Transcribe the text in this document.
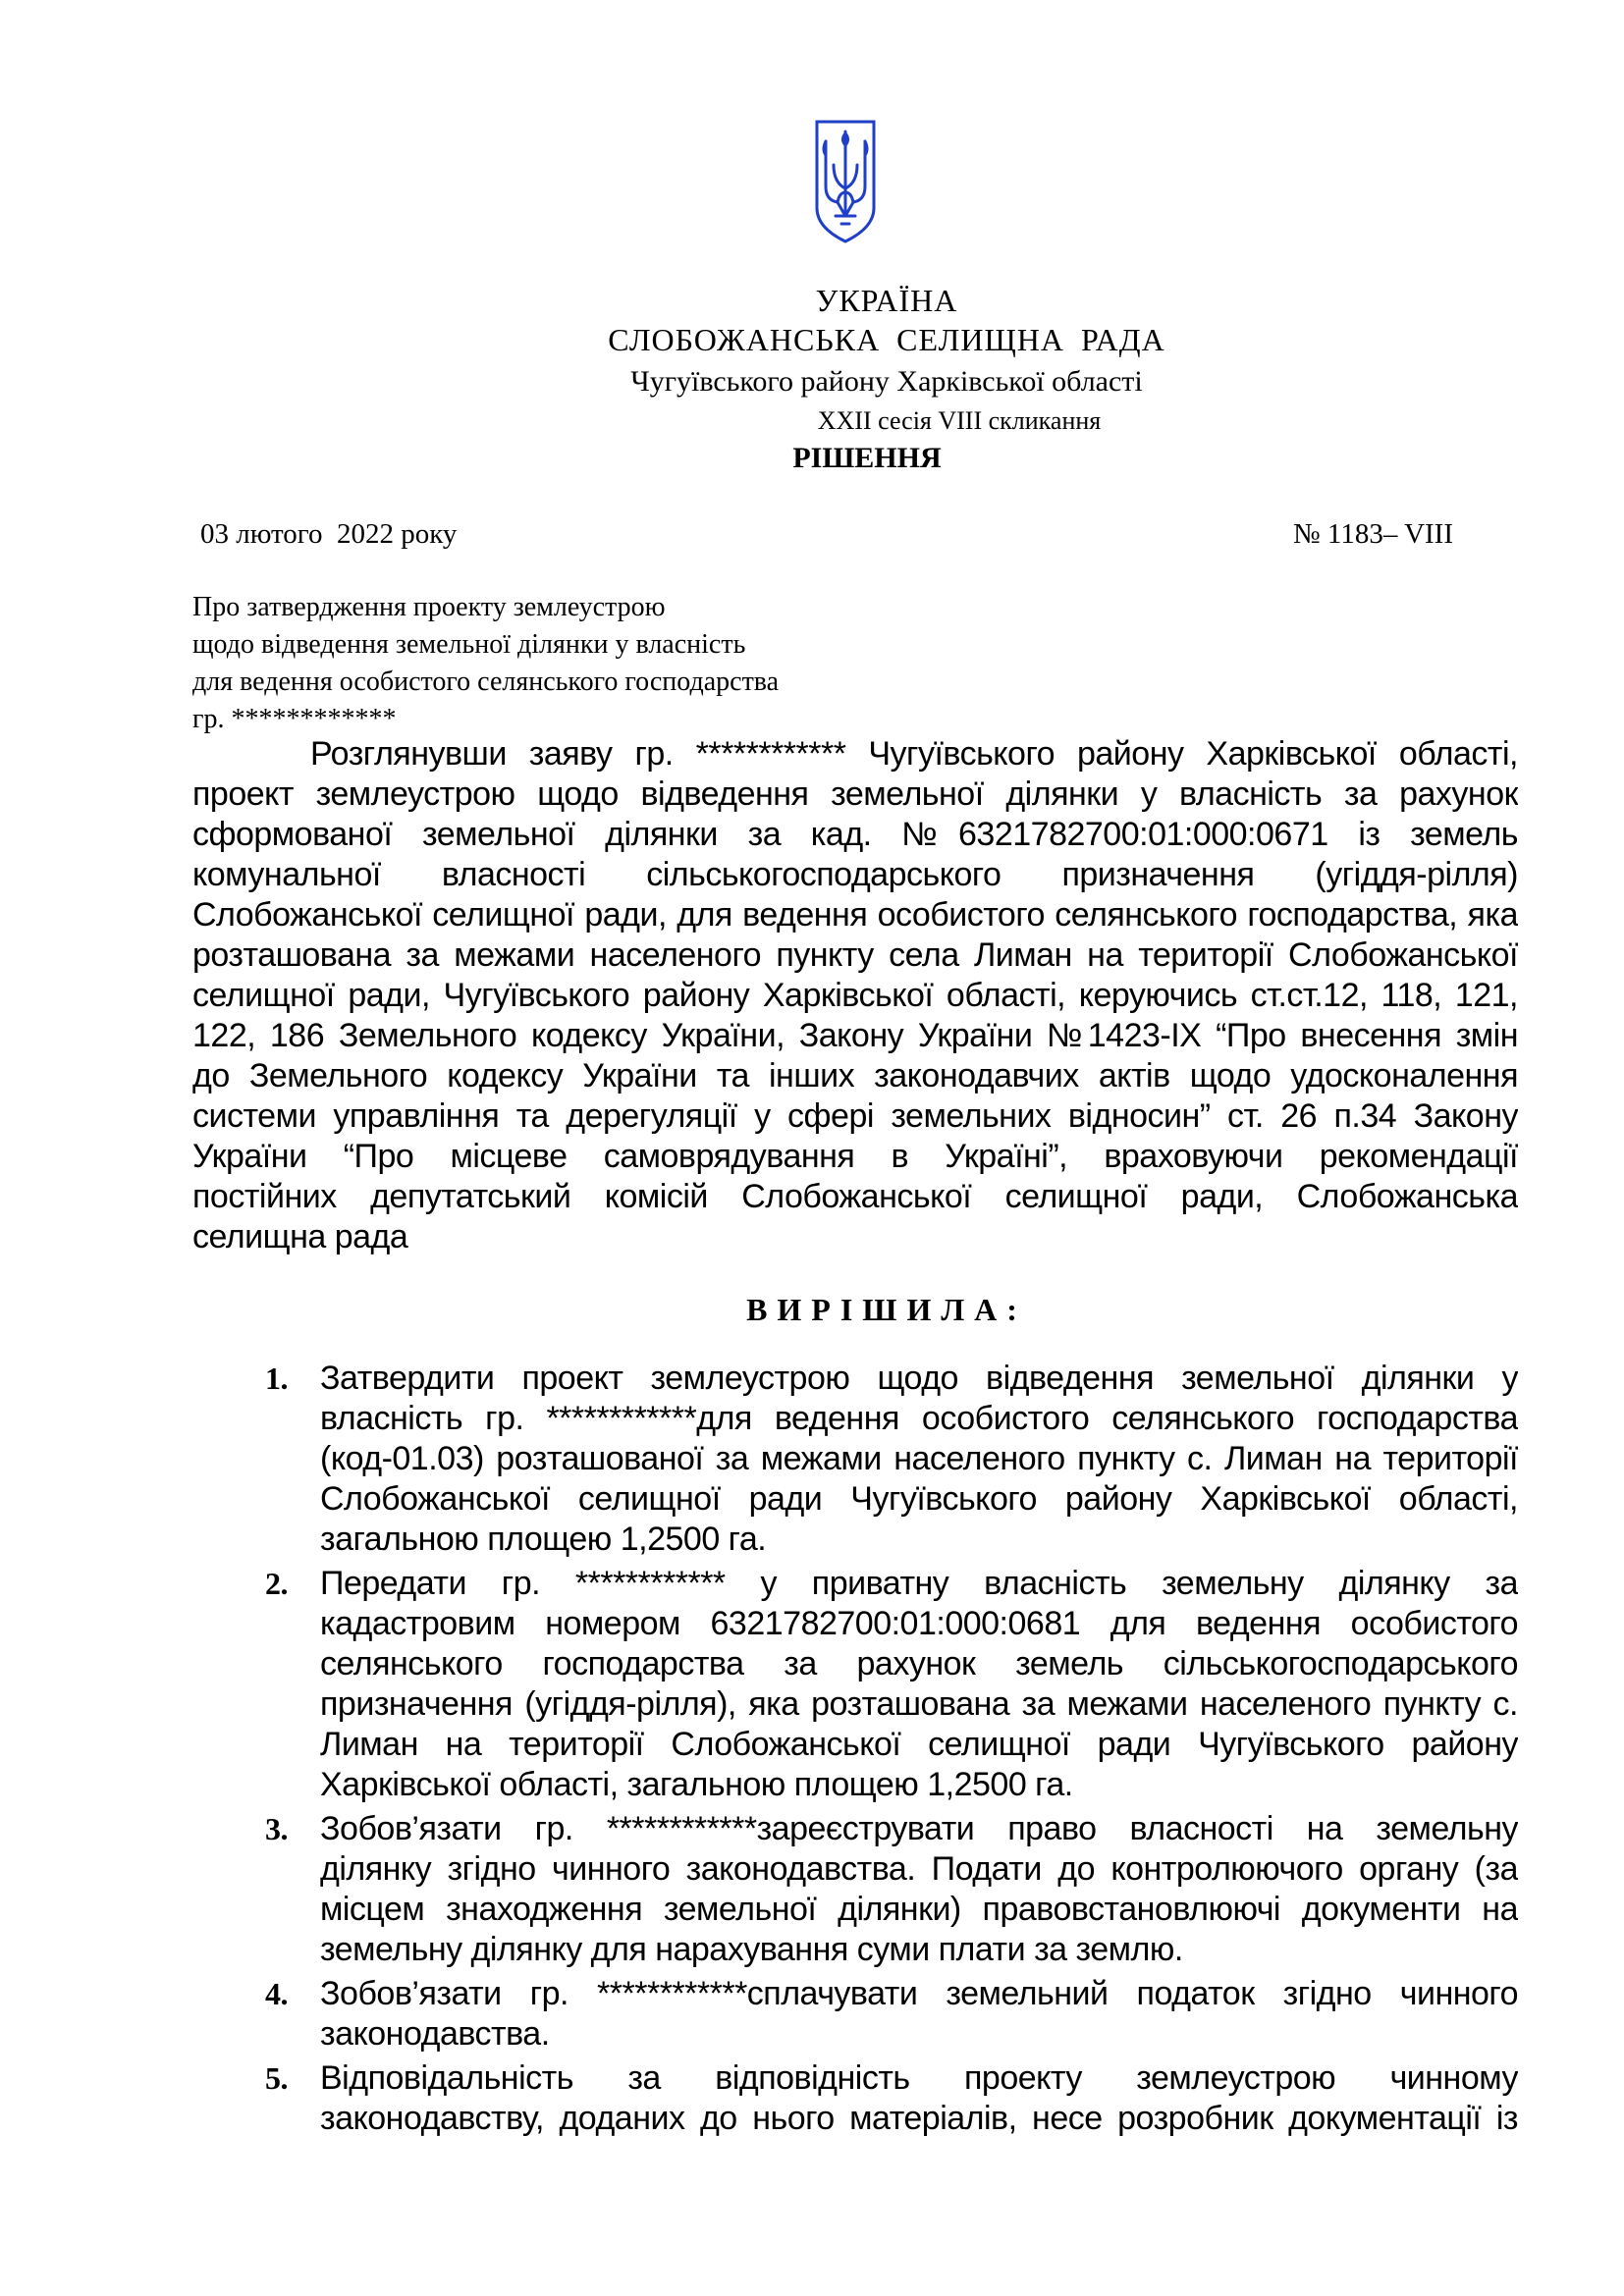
УКРАЇНА
СЛОБОЖАНСЬКА СЕЛИЩНА РАДА
Чугуївського району Харківської області
XXII сесія VIII скликання
РІШЕННЯ
03 лютого  2022 року	№ 1183– VIII
Про затвердження проекту землеустрою
щодо відведення земельної ділянки у власність
для ведення особистого селянського господарства
гр. ************
Розглянувши заяву гр. ************ Чугуївського району Харківської області,
проект землеустрою щодо відведення земельної ділянки у власність за рахунок
сформованої земельної ділянки за кад. №6321782700:01:000:0671 із земель
комунальної власності сільськогосподарського призначення (угіддя-рілля)
Слобожанської селищної ради, для ведення особистого селянського господарства, яка
розташована за межами населеного пункту села Лиман на території Слобожанської
селищної ради, Чугуївського району Харківської області, керуючись ст.ст.12, 118, 121,
122, 186 Земельного кодексу України, Закону України №1423-IX “Про внесення змін
до Земельного кодексу України та інших законодавчих актів щодо удосконалення
системи управління та дерегуляції у сфері земельних відносин” ст. 26 п.34 Закону
України “Про місцеве самоврядування в Україні”, враховуючи рекомендації
постійних депутатський комісій Слобожанської селищної ради, Слобожанська
селищна рада
ВИРІШИЛА:
1. Затвердити проект землеустрою щодо відведення земельної ділянки у
власність гр. ************для ведення особистого селянського господарства
(код-01.03) розташованої за межами населеного пункту с. Лиман на території
Слобожанської селищної ради Чугуївського району Харківської області,
загальною площею 1,2500 га.
2. Передати гр. ************ у приватну власність земельну ділянку за
кадастровим номером 6321782700:01:000:0681 для ведення особистого
селянського господарства за рахунок земель сільськогосподарського
призначення (угіддя-рілля), яка розташована за межами населеного пункту с.
Лиман на території Слобожанської селищної ради Чугуївського району
Харківської області, загальною площею 1,2500 га.
3. Зобов’язати гр. ************зареєструвати право власності на земельну
ділянку згідно чинного законодавства. Подати до контролюючого органу (за
місцем знаходження земельної ділянки) правовстановлюючі документи на
земельну ділянку для нарахування суми плати за землю.
4. Зобов’язати гр. ************сплачувати земельний податок згідно чинного
законодавства.
5. Відповідальність за відповідність проекту землеустрою чинному
законодавству, доданих до нього матеріалів, несе розробник документації із
